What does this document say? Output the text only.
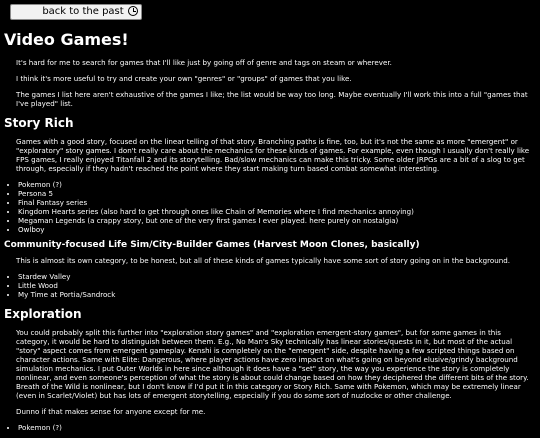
back to the past
Video Games!

It's hard for me to search for games that I'll like just by going off of genre and tags on steam or wherever.

I think it's more useful to try and create your own "genres" or "groups" of games that you like.

The games I list here aren't exhaustive of the games I like; the list would be way too long. Maybe eventually I'll work this into a full "games that I've played" list.

Story Rich

Games with a good story, focused on the linear telling of that story. Branching paths is fine, too, but it's not the same as more "emergent" or "exploratory" story games. I don't really care about the mechanics for these kinds of games. For example, even though I usually don't really like FPS games, I really enjoyed Titanfall 2 and its storytelling. Bad/slow mechanics can make this tricky. Some older JRPGs are a bit of a slog to get through, especially if they hadn't reached the point where they start making turn based combat somewhat interesting.

• Pokemon (?)
• Persona 5
• Final Fantasy series
• Kingdom Hearts series (also hard to get through ones like Chain of Memories where I find mechanics annoying)
• Megaman Legends (a crappy story, but one of the very first games I ever played. here purely on nostalgia)
• Owlboy
Community-focused Life Sim/City-Builder Games (Harvest Moon Clones, basically)

This is almost its own category, to be honest, but all of these kinds of games typically have some sort of story going on in the background.

• Stardew Valley
• Little Wood
• My Time at Portia/Sandrock
Exploration

You could probably split this further into "exploration story games" and "exploration emergent-story games", but for some games in this category, it would be hard to distinguish between them. E.g., No Man's Sky technically has linear stories/quests in it, but most of the actual "story" aspect comes from emergent gameplay. Kenshi is completely on the "emergent" side, despite having a few scripted things based on character actions. Same with Elite: Dangerous, where player actions have zero impact on what's going on beyond elusive/grindy background simulation mechanics. I put Outer Worlds in here since although it does have a "set" story, the way you experience the story is completely nonlinear, and even someone's perception of what the story is about could change based on how they deciphered the different bits of the story. Breath of the Wild is nonlinear, but I don't know if I'd put it in this category or Story Rich. Same with Pokemon, which may be extremely linear (even in Scarlet/Violet) but has lots of emergent storytelling, especially if you do some sort of nuzlocke or other challenge.

Dunno if that makes sense for anyone except for me.

• Pokemon (?)
